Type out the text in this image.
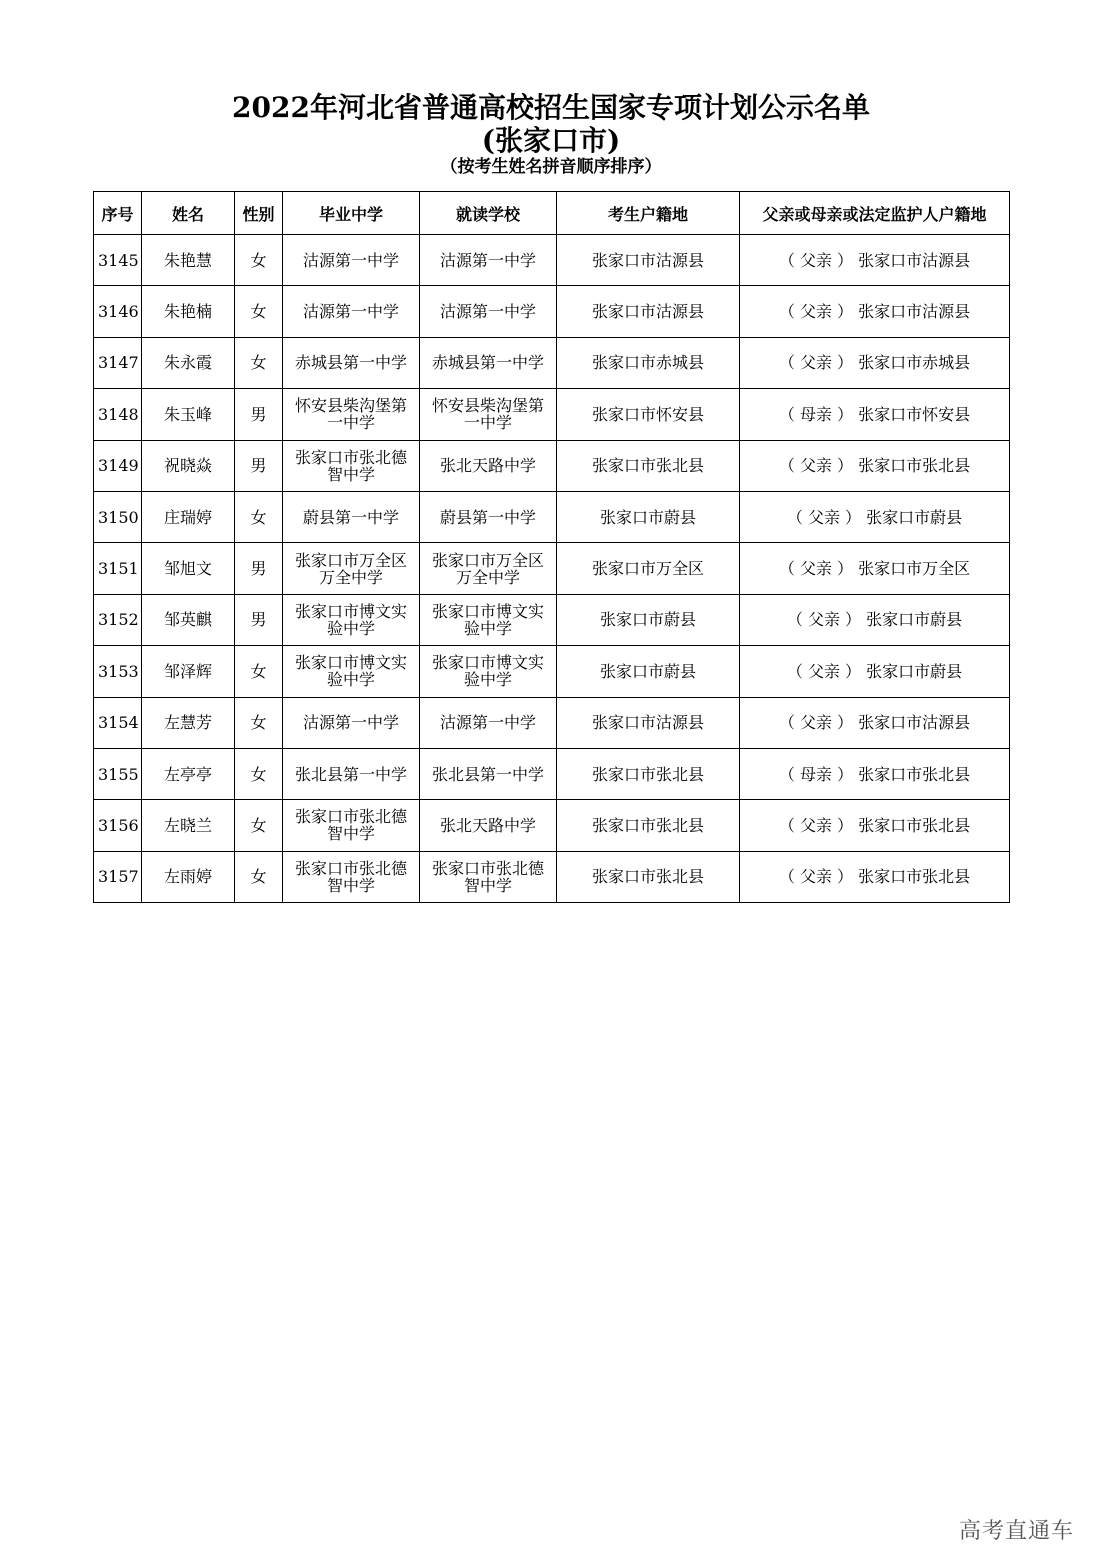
2022年河北省普通高校招生国家专项计划公示名单
(张家口市)
（按考生姓名拼音顺序排序）
序号	姓名	性别	毕业中学	就读学校	考生户籍地	父亲或母亲或法定监护人户籍地
3145	朱艳慧	女	沽源第一中学	沽源第一中学	张家口市沽源县	（ 父亲 ） 张家口市沽源县
3146	朱艳楠	女	沽源第一中学	沽源第一中学	张家口市沽源县	（ 父亲 ） 张家口市沽源县
3147	朱永霞	女	赤城县第一中学	赤城县第一中学	张家口市赤城县	（ 父亲 ） 张家口市赤城县
3148	朱玉峰	男	怀安县柴沟堡第一中学	怀安县柴沟堡第一中学	张家口市怀安县	（ 母亲 ） 张家口市怀安县
3149	祝晓焱	男	张家口市张北德智中学	张北天路中学	张家口市张北县	（ 父亲 ） 张家口市张北县
3150	庄瑞婷	女	蔚县第一中学	蔚县第一中学	张家口市蔚县	（ 父亲 ） 张家口市蔚县
3151	邹旭文	男	张家口市万全区万全中学	张家口市万全区万全中学	张家口市万全区	（ 父亲 ） 张家口市万全区
3152	邹英麒	男	张家口市博文实验中学	张家口市博文实验中学	张家口市蔚县	（ 父亲 ） 张家口市蔚县
3153	邹泽辉	女	张家口市博文实验中学	张家口市博文实验中学	张家口市蔚县	（ 父亲 ） 张家口市蔚县
3154	左慧芳	女	沽源第一中学	沽源第一中学	张家口市沽源县	（ 父亲 ） 张家口市沽源县
3155	左亭亭	女	张北县第一中学	张北县第一中学	张家口市张北县	（ 母亲 ） 张家口市张北县
3156	左晓兰	女	张家口市张北德智中学	张北天路中学	张家口市张北县	（ 父亲 ） 张家口市张北县
3157	左雨婷	女	张家口市张北德智中学	张家口市张北德智中学	张家口市张北县	（ 父亲 ） 张家口市张北县
高考直通车
